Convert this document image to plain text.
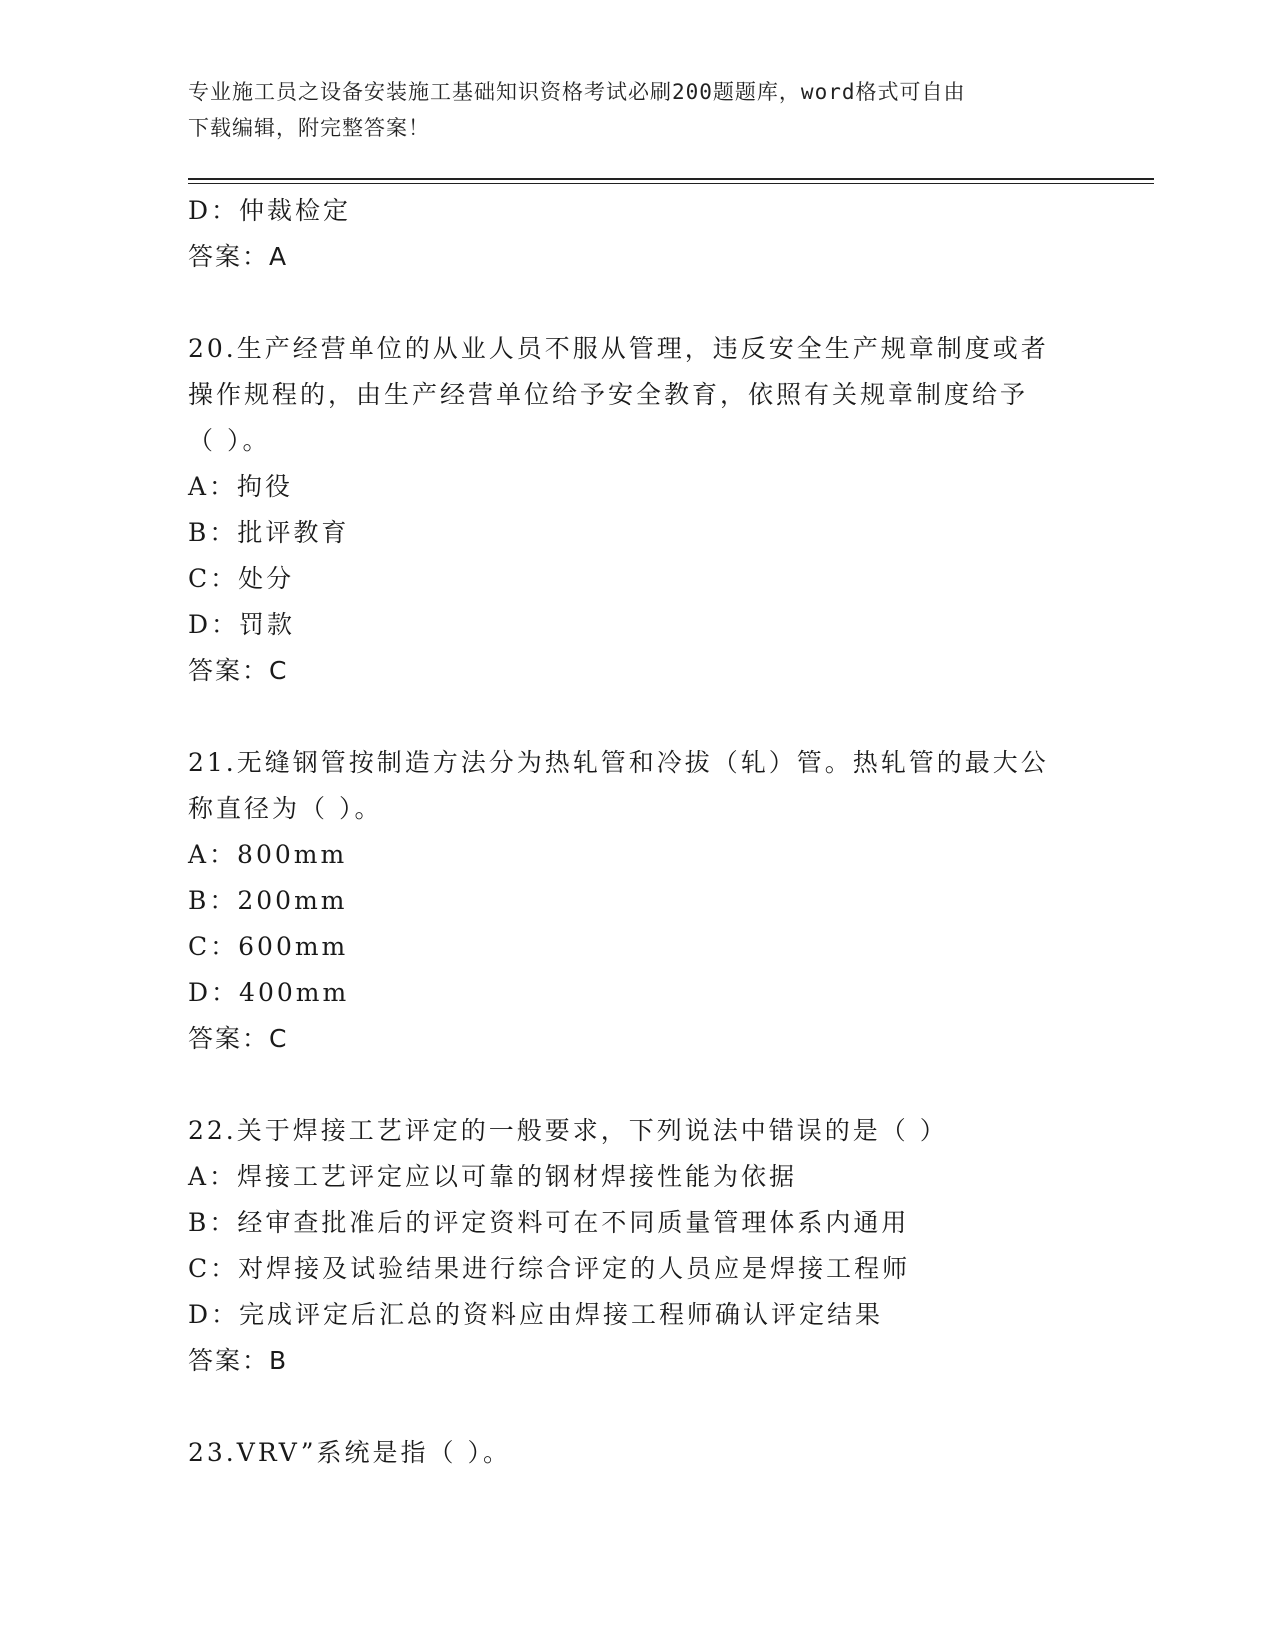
专业施工员之设备安装施工基础知识资格考试必刷200题题库，word格式可自由
下载编辑，附完整答案！
D：仲裁检定
答案：A
20.生产经营单位的从业人员不服从管理，违反安全生产规章制度或者
操作规程的，由生产经营单位给予安全教育，依照有关规章制度给予
（ ）。
A：拘役
B：批评教育
C：处分
D：罚款
答案：C
21.无缝钢管按制造方法分为热轧管和冷拔（轧）管。热轧管的最大公
称直径为（ ）。
A：800mm
B：200mm
C：600mm
D：400mm
答案：C
22.关于焊接工艺评定的一般要求，下列说法中错误的是（ ）
A：焊接工艺评定应以可靠的钢材焊接性能为依据
B：经审查批准后的评定资料可在不同质量管理体系内通用
C：对焊接及试验结果进行综合评定的人员应是焊接工程师
D：完成评定后汇总的资料应由焊接工程师确认评定结果
答案：B
23.VRV”系统是指（ ）。
